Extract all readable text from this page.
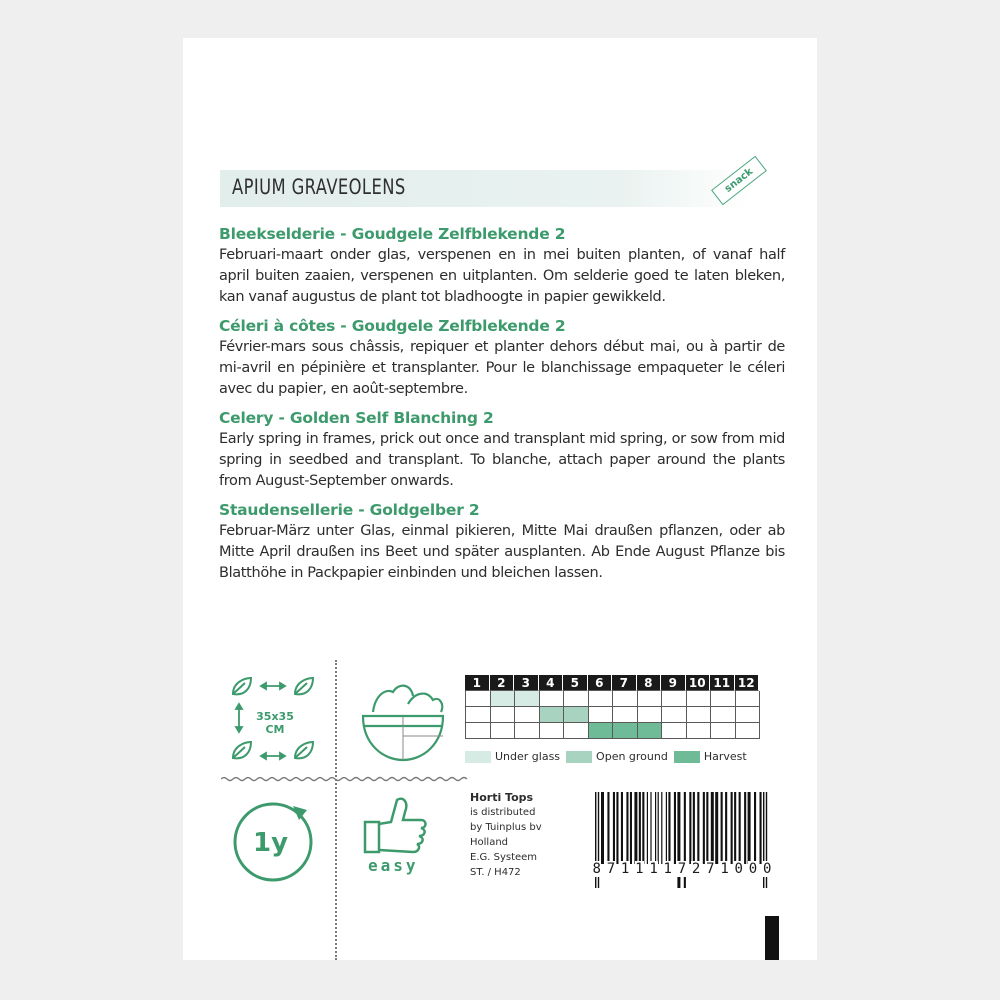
APIUM GRAVEOLENS	snack
Bleekselderie - Goudgele Zelfblekende 2

Februari-maart onder glas, verspenen en in mei buiten planten, of vanaf half april buiten zaaien, verspenen en uitplanten. Om selderie goed te laten bleken, kan vanaf augustus de plant tot bladhoogte in papier gewikkeld.

Céleri à côtes - Goudgele Zelfblekende 2

Février-mars sous châssis, repiquer et planter dehors début mai, ou à partir de mi-avril en pépinière et transplanter. Pour le blanchissage empaqueter le céleri avec du papier, en août-septembre.

Celery - Golden Self Blanching 2

Early spring in frames, prick out once and transplant mid spring, or sow from mid spring in seedbed and transplant. To blanche, attach paper around the plants from August-September onwards.

Staudensellerie - Goldgelber 2

Februar-März unter Glas, einmal pikieren, Mitte Mai draußen pflanzen, oder ab Mitte April draußen ins Beet und später ausplanten. Ab Ende August Pflanze bis Blatthöhe in Packpapier einbinden und bleichen lassen.

35x35
CM
1y
easy
1	2	3	4	5	6	7	8	9 10 11 12
Under glass	Open ground	Harvest
Horti Tops
is distributed
by Tuinplus bv
Holland
E.G. Systeem
ST. / H472	8 7 1 1 1 1 7 2 7 1 0 0 0
